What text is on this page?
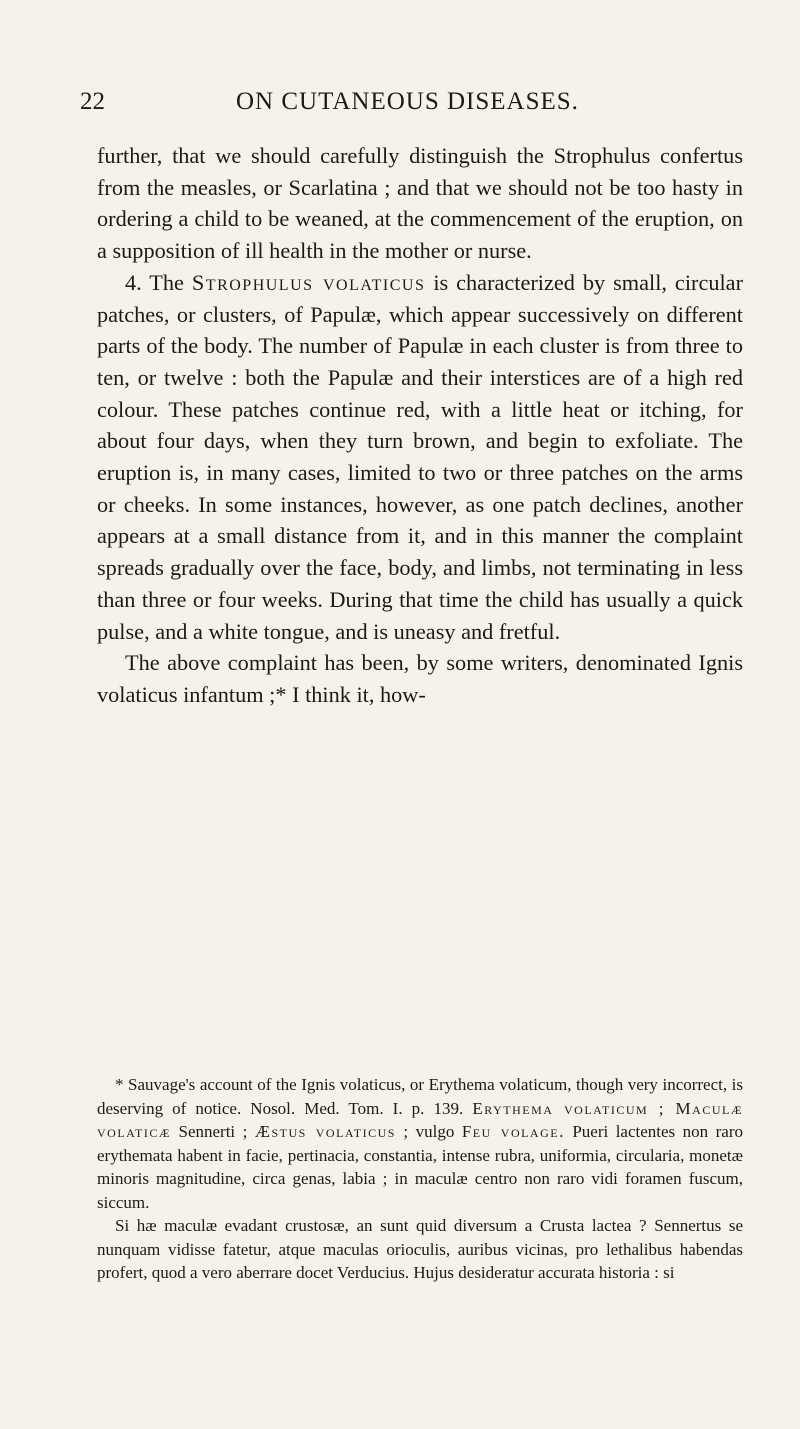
22	ON CUTANEOUS DISEASES.

further, that we should carefully distinguish the Strophulus confertus from the measles, or Scarlatina ; and that we should not be too hasty in ordering a child to be weaned, at the commencement of the eruption, on a supposition of ill health in the mother or nurse.

4. The Strophulus volaticus is characterized by small, circular patches, or clusters, of Papulæ, which appear successively on different parts of the body. The number of Papulæ in each cluster is from three to ten, or twelve : both the Papulæ and their interstices are of a high red colour. These patches continue red, with a little heat or itching, for about four days, when they turn brown, and begin to exfoliate. The eruption is, in many cases, limited to two or three patches on the arms or cheeks. In some instances, however, as one patch declines, another appears at a small distance from it, and in this manner the complaint spreads gradually over the face, body, and limbs, not terminating in less than three or four weeks. During that time the child has usually a quick pulse, and a white tongue, and is uneasy and fretful.

The above complaint has been, by some writers, denominated Ignis volaticus infantum ;* I think it, how-

* Sauvage's account of the Ignis volaticus, or Erythema volaticum, though very incorrect, is deserving of notice. Nosol. Med. Tom. I. p. 139. Erythema volaticum ; Maculæ volaticæ Sennerti ; Æstus volaticus ; vulgo Feu volage. Pueri lactentes non raro erythemata habent in facie, pertinacia, constantia, intense rubra, uniformia, circularia, monetæ minoris magnitudine, circa genas, labia ; in maculæ centro non raro vidi foramen fuscum, siccum.

Si hæ maculæ evadant crustosæ, an sunt quid diversum a Crusta lactea ? Sennertus se nunquam vidisse fatetur, atque maculas orioculis, auribus vicinas, pro lethalibus habendas profert, quod a vero aberrare docet Verducius. Hujus desideratur accurata historia : si
